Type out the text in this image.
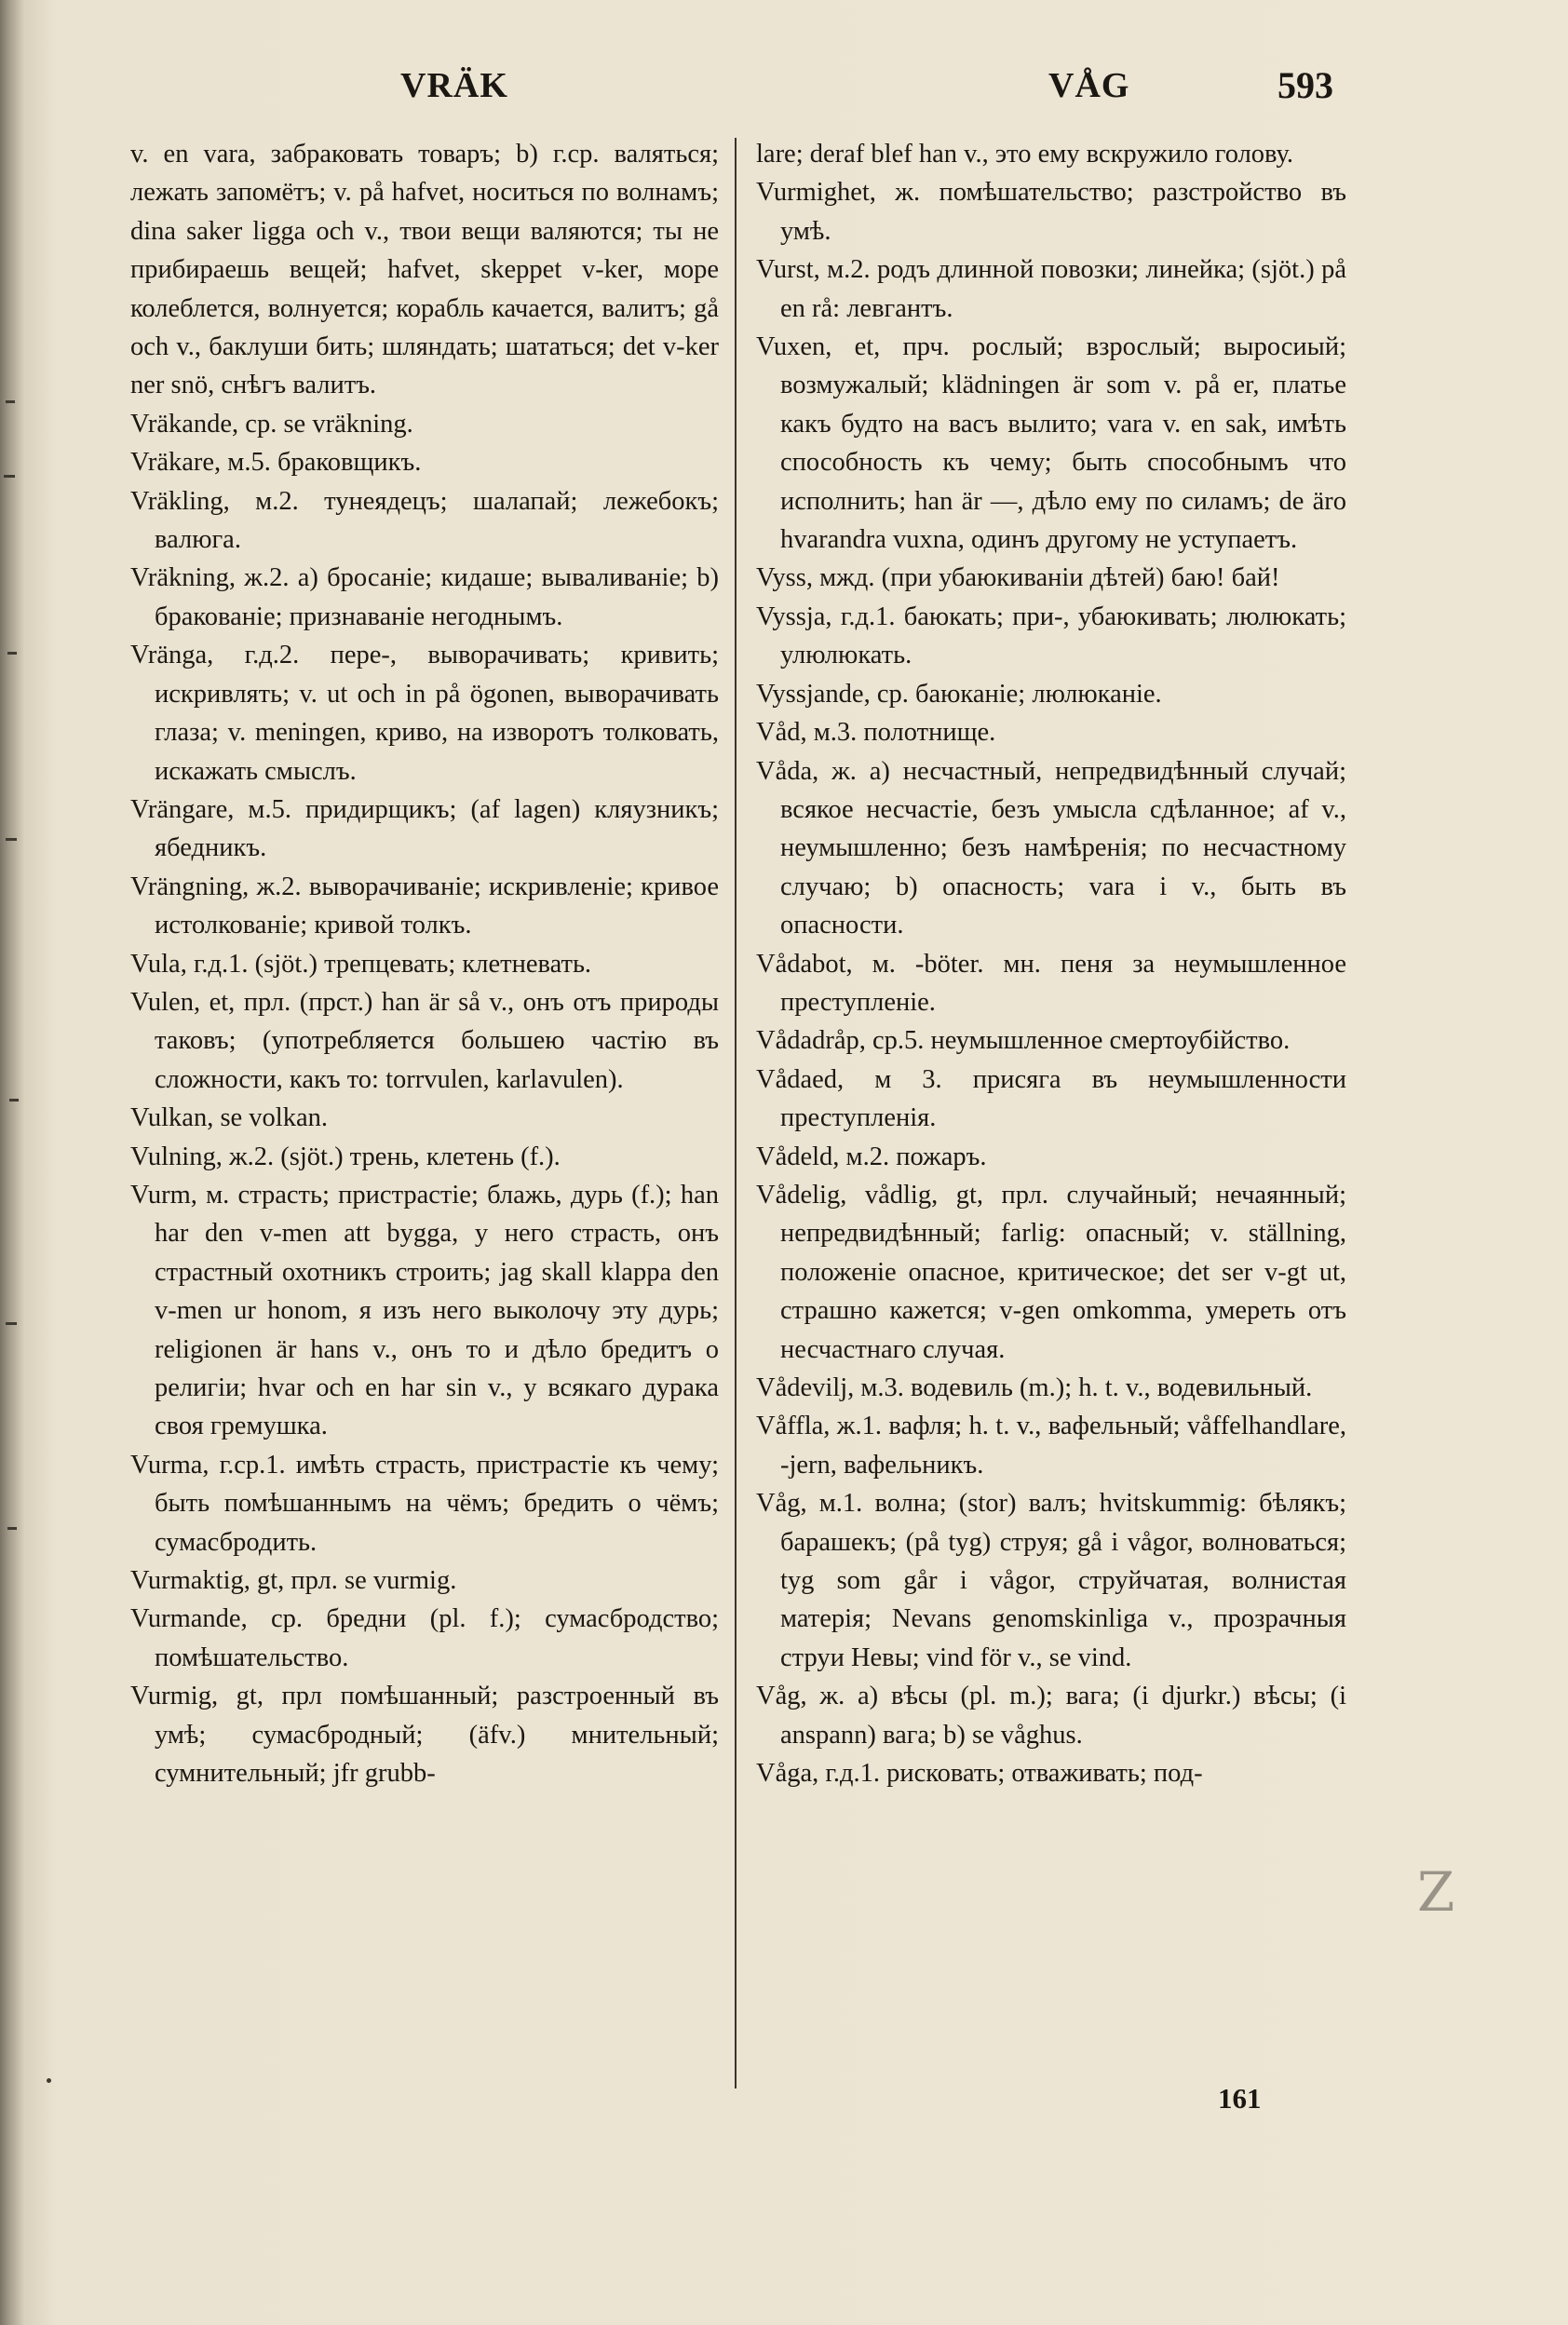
VRÄK	VÅG	593

v. en vara, забраковать товаръ; b) г.ср. валяться; лежать запомётъ; v. på hafvet, носиться по волнамъ; dina saker ligga och v., твои вещи валяются; ты не прибираешь вещей; hafvet, skeppet v-ker, море колеблется, волнуется; корабль качается, валитъ; gå och v., баклуши бить; шляндать; шататься; det v-ker ner snö, снѣгъ валитъ.

Vräkande, ср. se vräkning.

Vräkare, м.5. браковщикъ.

Vräkling, м.2. тунеядецъ; шалапай; лежебокъ; валюга.

Vräkning, ж.2. a) бросаніе; кидаше; вываливаніе; b) бракованіе; признаваніе негоднымъ.

Vränga, г.д.2. пере-, выворачивать; кривить; искривлять; v. ut och in på ögonen, выворачивать глаза; v. meningen, криво, на изворотъ толковать, искажать смыслъ.

Vrängare, м.5. придирщикъ; (af lagen) кляузникъ; ябедникъ.

Vrängning, ж.2. выворачиваніе; искривленіе; кривое истолкованіе; кривой толкъ.

Vula, г.д.1. (sjöt.) трепцевать; клетневать.

Vulen, et, прл. (прст.) han är så v., онъ отъ природы таковъ; (употребляется большею частію въ сложности, какъ то: torrvulen, karlavulen).

Vulkan, se volkan.

Vulning, ж.2. (sjöt.) трень, клетень (f.).

Vurm, м. страсть; пристрастіе; блажь, дурь (f.); han har den v-men att bygga, у него страсть, онъ страстный охотникъ строить; jag skall klappa den v-men ur honom, я изъ него выколочу эту дурь; religionen är hans v., онъ то и дѣло бредитъ о религіи; hvar och en har sin v., у всякаго дурака своя гремушка.

Vurma, г.ср.1. имѣть страсть, пристрастіе къ чему; быть помѣшаннымъ на чёмъ; бредить о чёмъ; сумасбродить.

Vurmaktig, gt, прл. se vurmig.

Vurmande, ср. бредни (pl. f.); сумасбродство; помѣшательство.

Vurmig, gt, прл помѣшанный; разстроенный въ умѣ; сумасбродный; (äfv.) мнительный; сумнительный; jfr grubb-

lare; deraf blef han v., это ему вскружило голову.

Vurmighet, ж. помѣшательство; разстройство въ умѣ.

Vurst, м.2. родъ длинной повозки; линейка; (sjöt.) på en rå: левгантъ.

Vuxen, et, прч. рослый; взрослый; выросиый; возмужалый; klädningen är som v. på er, платье какъ будто на васъ вылито; vara v. en sak, имѣть способность къ чему; быть способнымъ что исполнить; han är —, дѣло ему по силамъ; de äro hvarandra vuxna, одинъ другому не уступаетъ.

Vyss, мжд. (при убаюкиваніи дѣтей) баю! бай!

Vyssja, г.д.1. баюкать; при-, убаюкивать; люлюкать; улюлюкать.

Vyssjande, ср. баюканіе; люлюканіе.

Våd, м.3. полотнище.

Våda, ж. a) несчастный, непредвидѣнный случай; всякое несчастіе, безъ умысла сдѣланное; af v., неумышленно; безъ намѣренія; по несчастному случаю; b) опасность; vara i v., быть въ опасности.

Vådabot, м. -böter. мн. пеня за неумышленное преступленіе.

Vådadråp, ср.5. неумышленное смертоубійство.

Vådaed, м 3. присяга въ неумышленности преступленія.

Vådeld, м.2. пожаръ.

Vådelig, vådlig, gt, прл. случайный; нечаянный; непредвидѣнный; farlig: опасный; v. ställning, положеніе опасное, критическое; det ser v-gt ut, страшно кажется; v-gen omkomma, умереть отъ несчастнаго случая.

Vådevilj, м.3. водевиль (m.); h. t. v., водевильный.

Våffla, ж.1. вафля; h. t. v., вафельный; våffelhandlare, -jern, вафельникъ.

Våg, м.1. волна; (stor) валъ; hvitskummig: бѣлякъ; барашекъ; (på tyg) струя; gå i vågor, волноваться; tyg som går i vågor, струйчатая, волнистая матерія; Nevans genomskinliga v., прозрачныя струи Невы; vind för v., se vind.

Våg, ж. a) вѣсы (pl. m.); вага; (i djurkr.) вѣсы; (i anspann) вага; b) se våghus.

Våga, г.д.1. рисковать; отваживать; под-

Z
161
